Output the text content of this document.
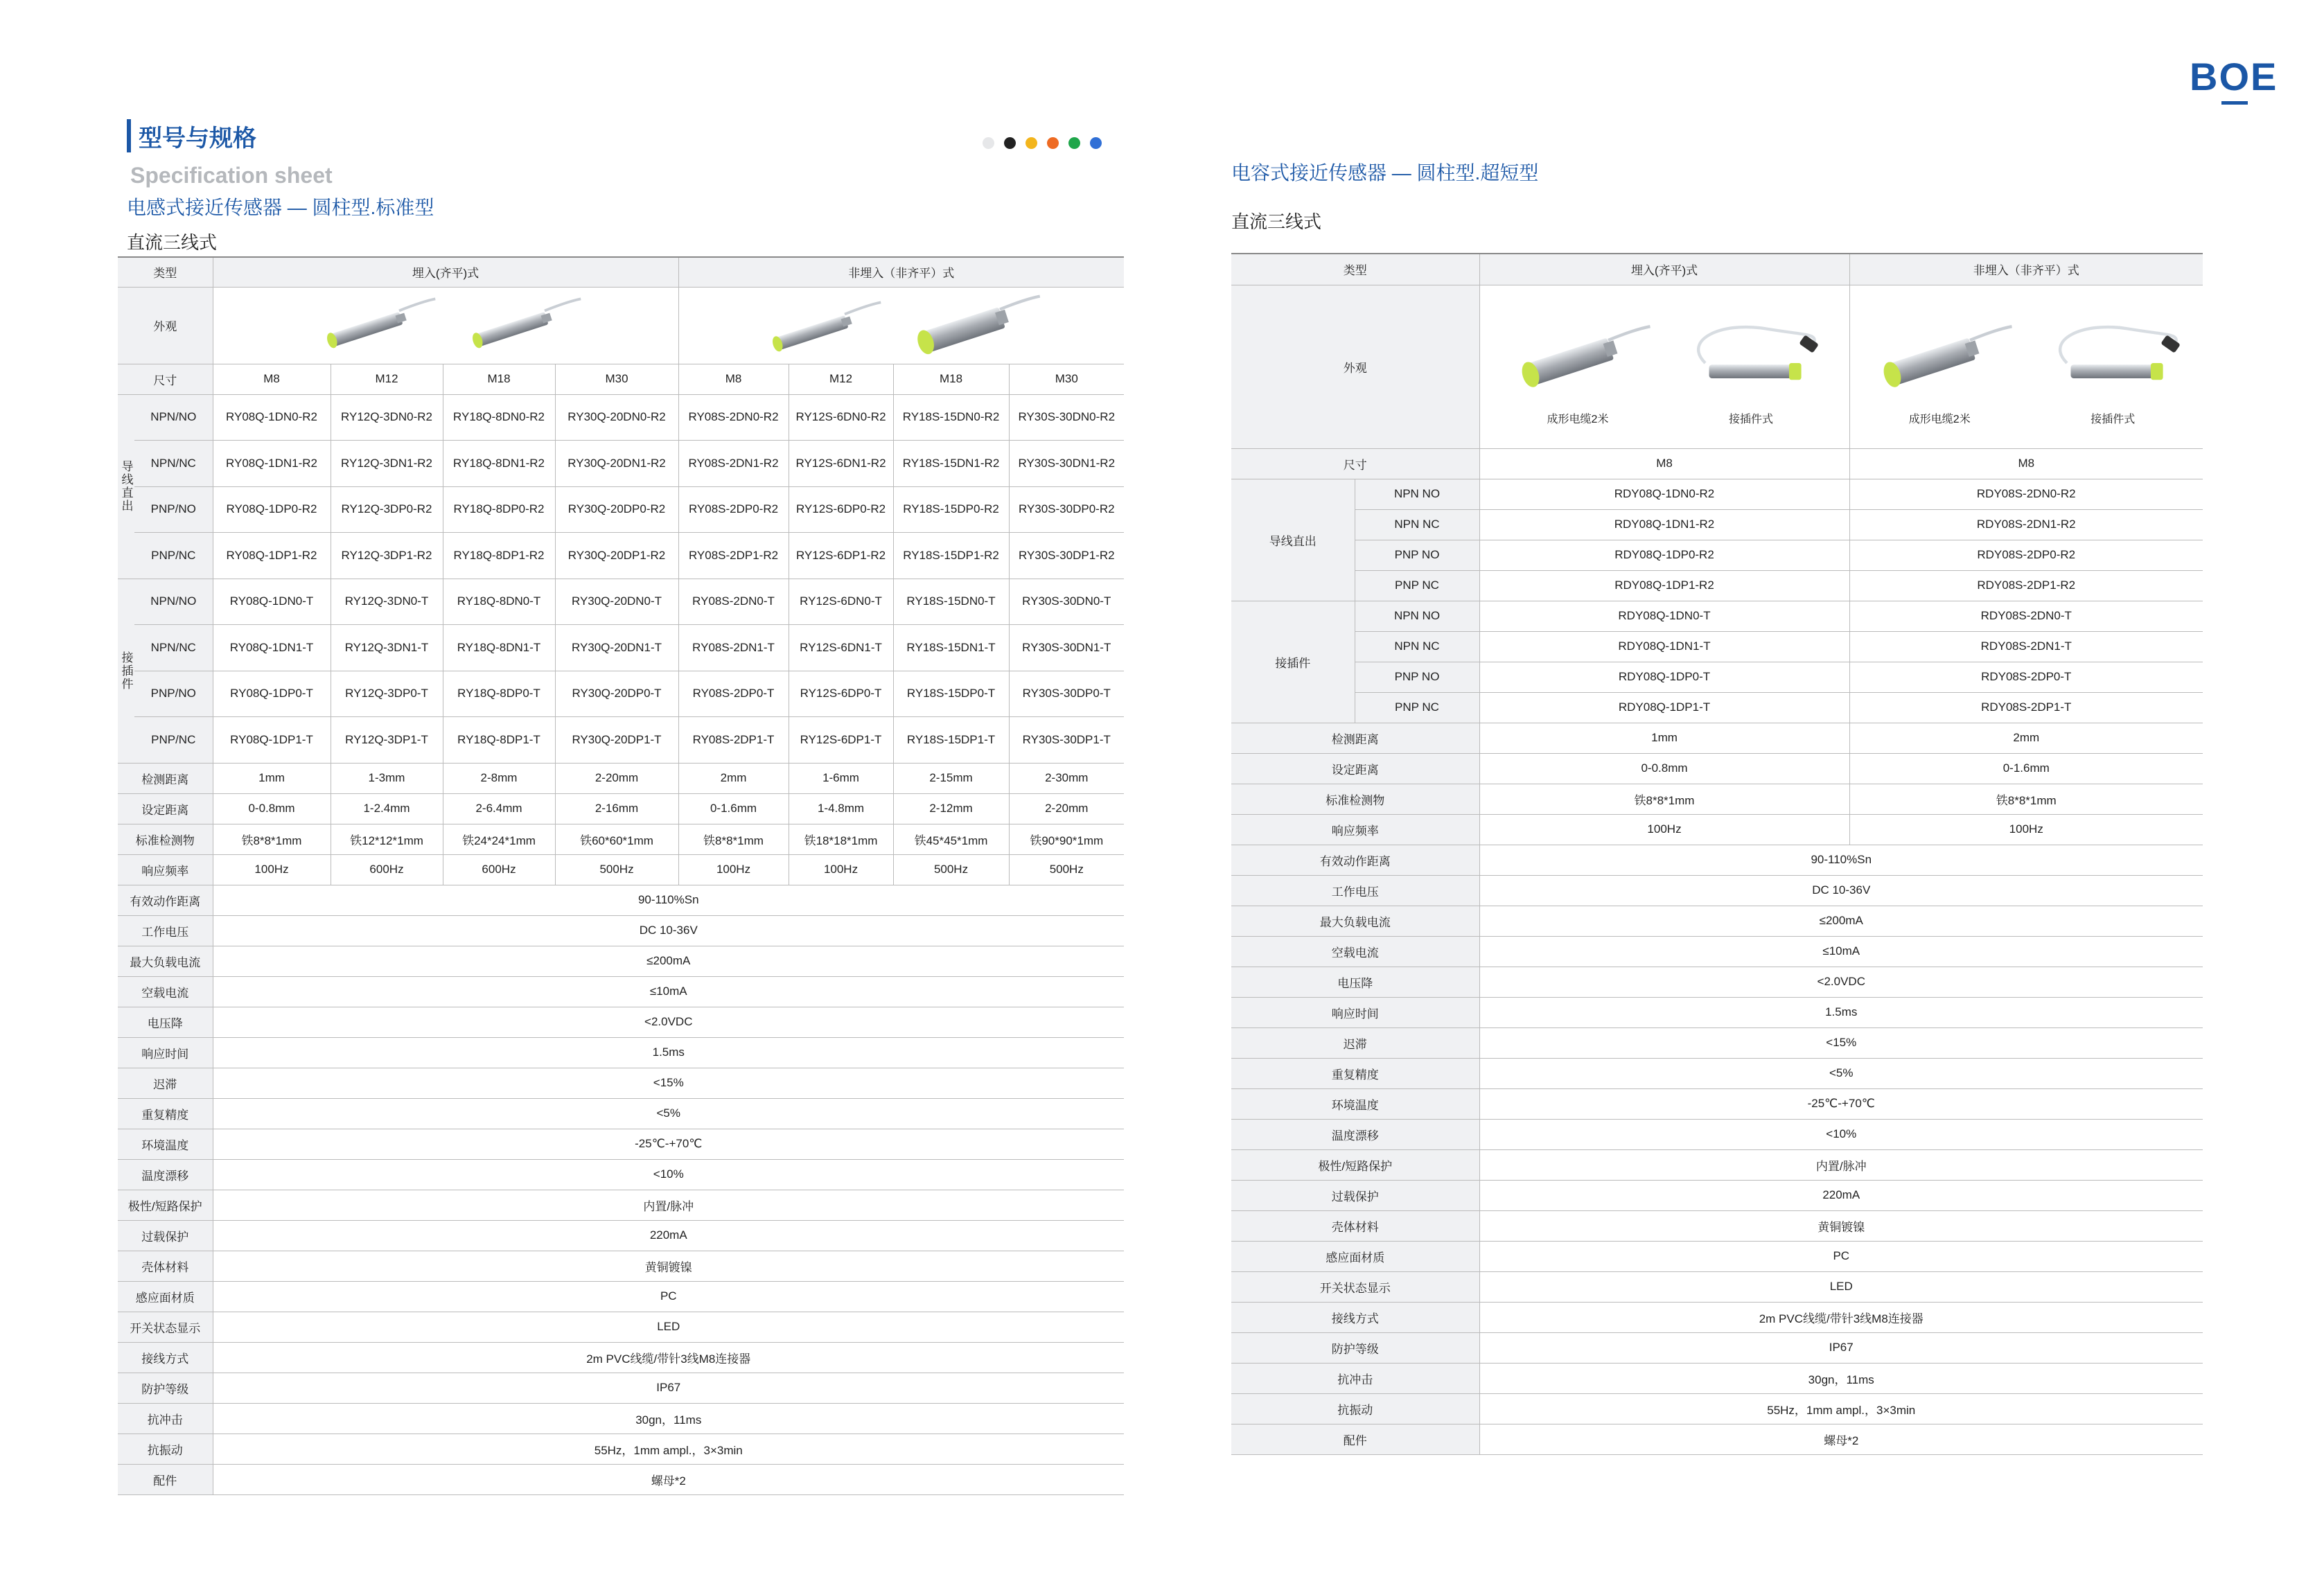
BOE
型号与规格
Specification sheet
电感式接近传感器 — 圆柱型.标准型
直流三线式
电容式接近传感器 — 圆柱型.超短型
直流三线式
类型		埋入(齐平)式				非埋入（非齐平）式			
外观		
尺寸		M8	M12	M18	M30	M8	M12	M18	M30
导线直出	NPN/NO	RY08Q-1DN0-R2	RY12Q-3DN0-R2	RY18Q-8DN0-R2	RY30Q-20DN0-R2	RY08S-2DN0-R2	RY12S-6DN0-R2	RY18S-15DN0-R2	RY30S-30DN0-R2
	NPN/NC	RY08Q-1DN1-R2	RY12Q-3DN1-R2	RY18Q-8DN1-R2	RY30Q-20DN1-R2	RY08S-2DN1-R2	RY12S-6DN1-R2	RY18S-15DN1-R2	RY30S-30DN1-R2
	PNP/NO	RY08Q-1DP0-R2	RY12Q-3DP0-R2	RY18Q-8DP0-R2	RY30Q-20DP0-R2	RY08S-2DP0-R2	RY12S-6DP0-R2	RY18S-15DP0-R2	RY30S-30DP0-R2
	PNP/NC	RY08Q-1DP1-R2	RY12Q-3DP1-R2	RY18Q-8DP1-R2	RY30Q-20DP1-R2	RY08S-2DP1-R2	RY12S-6DP1-R2	RY18S-15DP1-R2	RY30S-30DP1-R2
接插件	NPN/NO	RY08Q-1DN0-T	RY12Q-3DN0-T	RY18Q-8DN0-T	RY30Q-20DN0-T	RY08S-2DN0-T	RY12S-6DN0-T	RY18S-15DN0-T	RY30S-30DN0-T
	NPN/NC	RY08Q-1DN1-T	RY12Q-3DN1-T	RY18Q-8DN1-T	RY30Q-20DN1-T	RY08S-2DN1-T	RY12S-6DN1-T	RY18S-15DN1-T	RY30S-30DN1-T
	PNP/NO	RY08Q-1DP0-T	RY12Q-3DP0-T	RY18Q-8DP0-T	RY30Q-20DP0-T	RY08S-2DP0-T	RY12S-6DP0-T	RY18S-15DP0-T	RY30S-30DP0-T
	PNP/NC	RY08Q-1DP1-T	RY12Q-3DP1-T	RY18Q-8DP1-T	RY30Q-20DP1-T	RY08S-2DP1-T	RY12S-6DP1-T	RY18S-15DP1-T	RY30S-30DP1-T
检测距离		1mm	1-3mm	2-8mm	2-20mm	2mm	1-6mm	2-15mm	2-30mm
设定距离		0-0.8mm	1-2.4mm	2-6.4mm	2-16mm	0-1.6mm	1-4.8mm	2-12mm	2-20mm
标准检测物		铁8*8*1mm	铁12*12*1mm	铁24*24*1mm	铁60*60*1mm	铁8*8*1mm	铁18*18*1mm	铁45*45*1mm	铁90*90*1mm
响应频率		100Hz	600Hz	600Hz	500Hz	100Hz	100Hz	500Hz	500Hz
有效动作距离		90-110%Sn							
工作电压		DC 10-36V							
最大负载电流		≤200mA							
空载电流		≤10mA							
电压降		<2.0VDC							
响应时间		1.5ms							
迟滞		<15%							
重复精度		<5%							
环境温度		-25℃-+70℃							
温度漂移		<10%							
极性/短路保护		内置/脉冲							
过载保护		220mA							
壳体材料		黄铜镀镍							
感应面材质		PC							
开关状态显示		LED							
接线方式		2m PVC线缆/带针3线M8连接器							
防护等级		IP67							
抗冲击		30gn，11ms							
抗振动		55Hz，1mm ampl.，3×3min							
配件		螺母*2							
类型		埋入(齐平)式	非埋入（非齐平）式
外观		成形电缆2米 接插件式	成形电缆2米 接插件式

尺寸		M8	M8
导线直出	NPN NO	RDY08Q-1DN0-R2	RDY08S-2DN0-R2
	NPN NC	RDY08Q-1DN1-R2	RDY08S-2DN1-R2
	PNP NO	RDY08Q-1DP0-R2	RDY08S-2DP0-R2
	PNP NC	RDY08Q-1DP1-R2	RDY08S-2DP1-R2
接插件	NPN NO	RDY08Q-1DN0-T	RDY08S-2DN0-T
	NPN NC	RDY08Q-1DN1-T	RDY08S-2DN1-T
	PNP NO	RDY08Q-1DP0-T	RDY08S-2DP0-T
	PNP NC	RDY08Q-1DP1-T	RDY08S-2DP1-T
检测距离		1mm	2mm
设定距离		0-0.8mm	0-1.6mm
标准检测物		铁8*8*1mm	铁8*8*1mm
响应频率		100Hz	100Hz
有效动作距离		90-110%Sn	
工作电压		DC 10-36V	
最大负载电流		≤200mA	
空载电流		≤10mA	
电压降		<2.0VDC	
响应时间		1.5ms	
迟滞		<15%	
重复精度		<5%	
环境温度		-25℃-+70℃	
温度漂移		<10%	
极性/短路保护		内置/脉冲	
过载保护		220mA	
壳体材料		黄铜镀镍	
感应面材质		PC	
开关状态显示		LED	
接线方式		2m PVC线缆/带针3线M8连接器	
防护等级		IP67	
抗冲击		30gn，11ms	
抗振动		55Hz，1mm ampl.，3×3min	
配件		螺母*2	
